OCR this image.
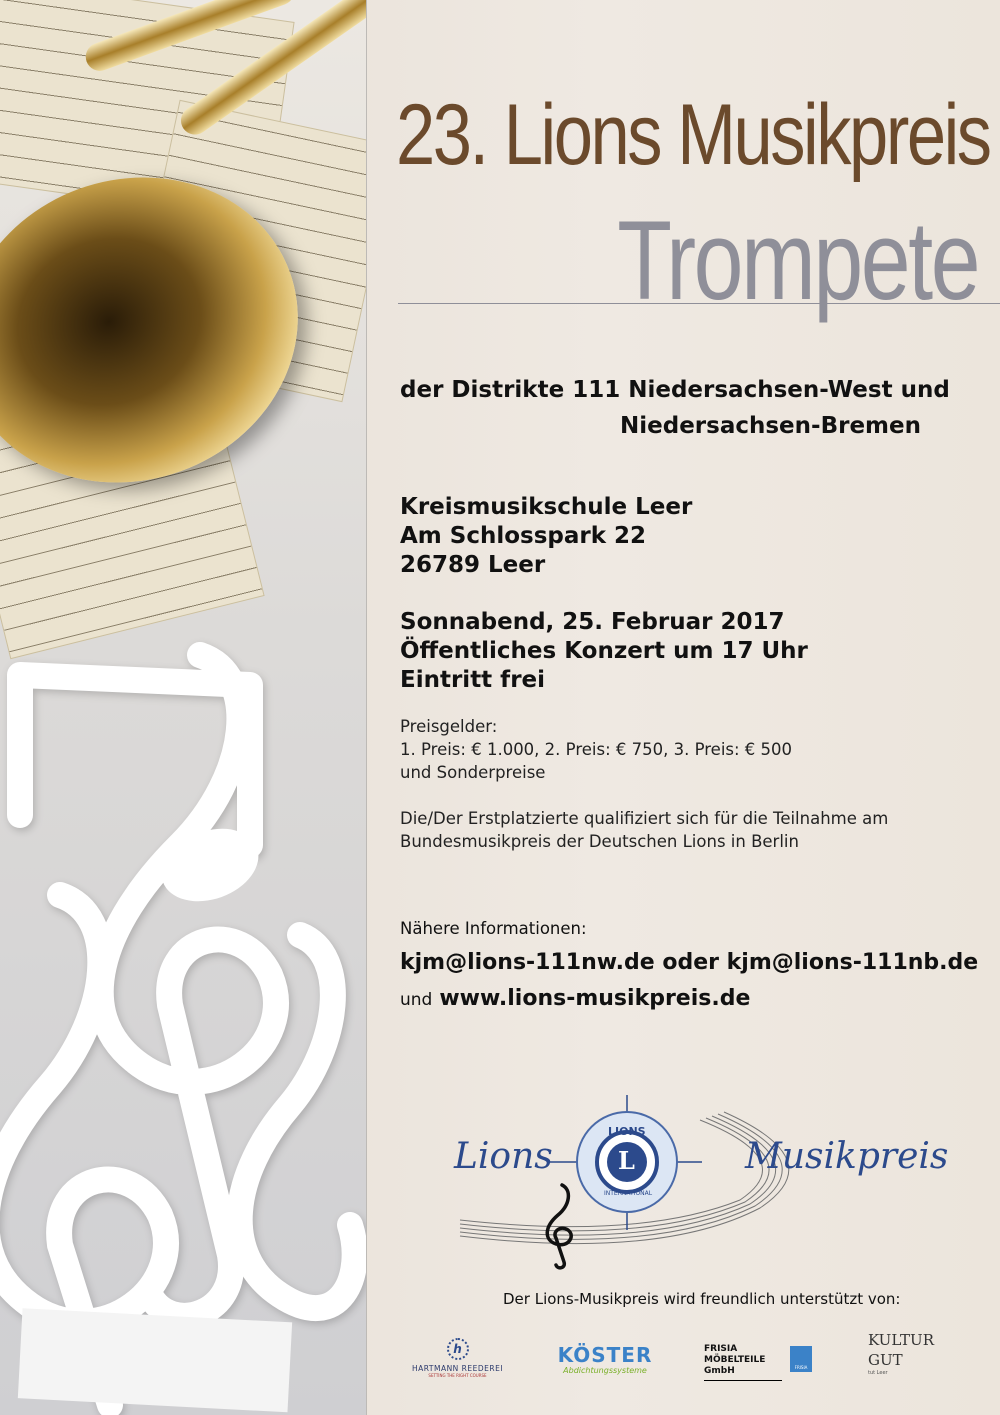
23. Lions Musikpreis
Trompete
der Distrikte 111 Niedersachsen-West und
Niedersachsen-Bremen
Kreismusikschule Leer
Am Schlosspark 22
26789 Leer
Sonnabend, 25. Februar 2017
Öffentliches Konzert um 17 Uhr
Eintritt frei
Preisgelder:
1. Preis: € 1.000, 2. Preis: € 750, 3. Preis: € 500
und Sonderpreise
Die/Der Erstplatzierte qualifiziert sich für die Teilnahme am
Bundesmusikpreis der Deutschen Lions in Berlin
Nähere Informationen:
kjm@lions-111nw.de oder kjm@lions-111nb.de
und www.lions-musikpreis.de
LIONS
L
INTERNATIONAL
Lions	Musikpreis
Der Lions-Musikpreis wird freundlich unterstützt von:
h
HARTMANN REEDEREI
SETTING THE RIGHT COURSE
KÖSTER
Abdichtungssysteme
FRISIA MÖBELTEILE GmbH	FRISIA
KULTUR GUT
tut Leer
